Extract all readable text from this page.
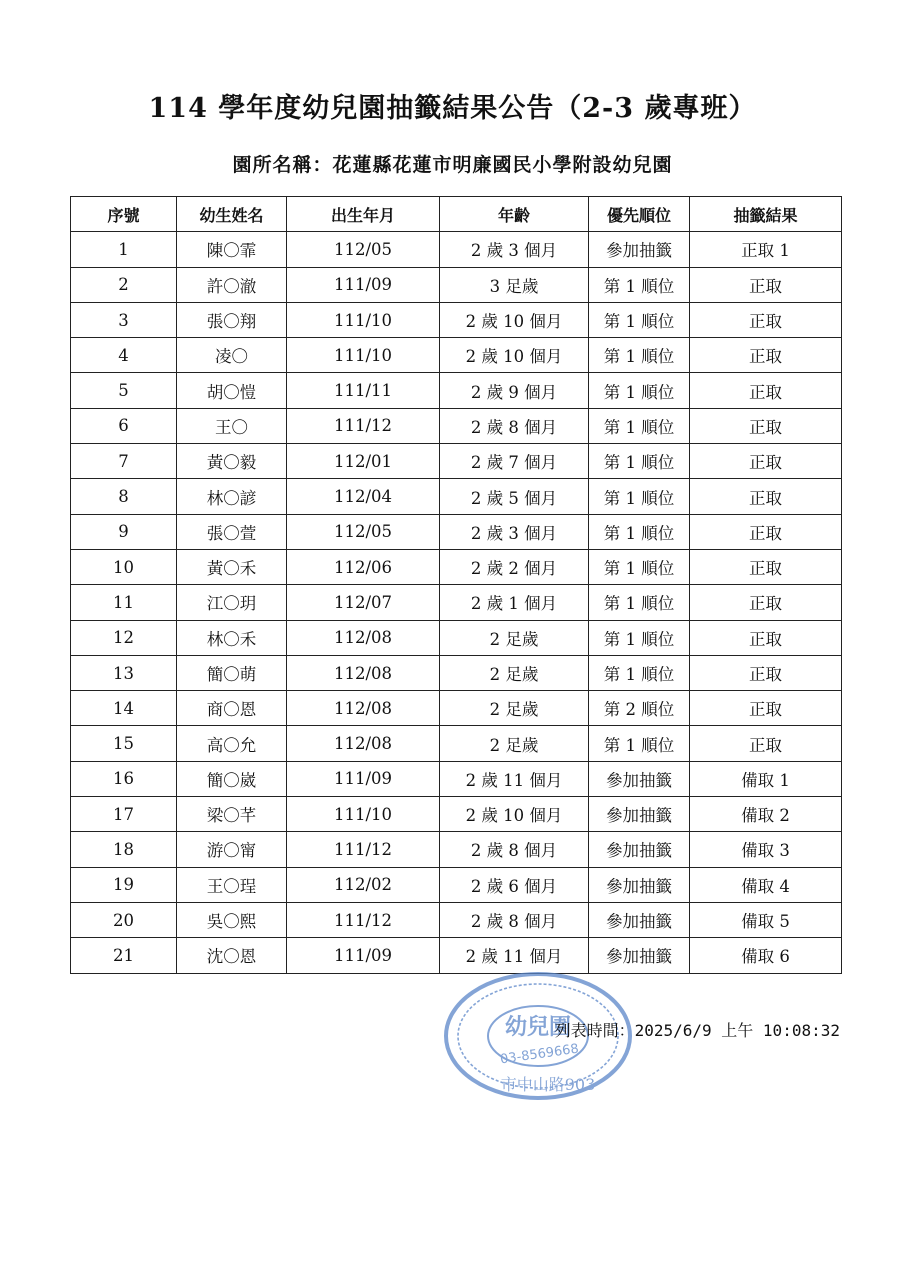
114 學年度幼兒園抽籤結果公告（2-3 歲專班）
園所名稱：花蓮縣花蓮市明廉國民小學附設幼兒園
序號	幼生姓名	出生年月	年齡	優先順位	抽籤結果
1	陳〇霏	112/05	2 歲 3 個月	參加抽籤	正取 1
2	許〇澈	111/09	3 足歲	第 1 順位	正取
3	張〇翔	111/10	2 歲 10 個月	第 1 順位	正取
4	凌〇	111/10	2 歲 10 個月	第 1 順位	正取
5	胡〇愷	111/11	2 歲 9 個月	第 1 順位	正取
6	王〇	111/12	2 歲 8 個月	第 1 順位	正取
7	黃〇毅	112/01	2 歲 7 個月	第 1 順位	正取
8	林〇諺	112/04	2 歲 5 個月	第 1 順位	正取
9	張〇萱	112/05	2 歲 3 個月	第 1 順位	正取
10	黃〇禾	112/06	2 歲 2 個月	第 1 順位	正取
11	江〇玥	112/07	2 歲 1 個月	第 1 順位	正取
12	林〇禾	112/08	2 足歲	第 1 順位	正取
13	簡〇萌	112/08	2 足歲	第 1 順位	正取
14	商〇恩	112/08	2 足歲	第 2 順位	正取
15	高〇允	112/08	2 足歲	第 1 順位	正取
16	簡〇崴	111/09	2 歲 11 個月	參加抽籤	備取 1
17	梁〇芊	111/10	2 歲 10 個月	參加抽籤	備取 2
18	游〇甯	111/12	2 歲 8 個月	參加抽籤	備取 3
19	王〇珵	112/02	2 歲 6 個月	參加抽籤	備取 4
20	吳〇熙	111/12	2 歲 8 個月	參加抽籤	備取 5
21	沈〇恩	111/09	2 歲 11 個月	參加抽籤	備取 6
幼兒園
03-8569668
市中山路903
列表時間：2025/6/9 上午 10:08:32
